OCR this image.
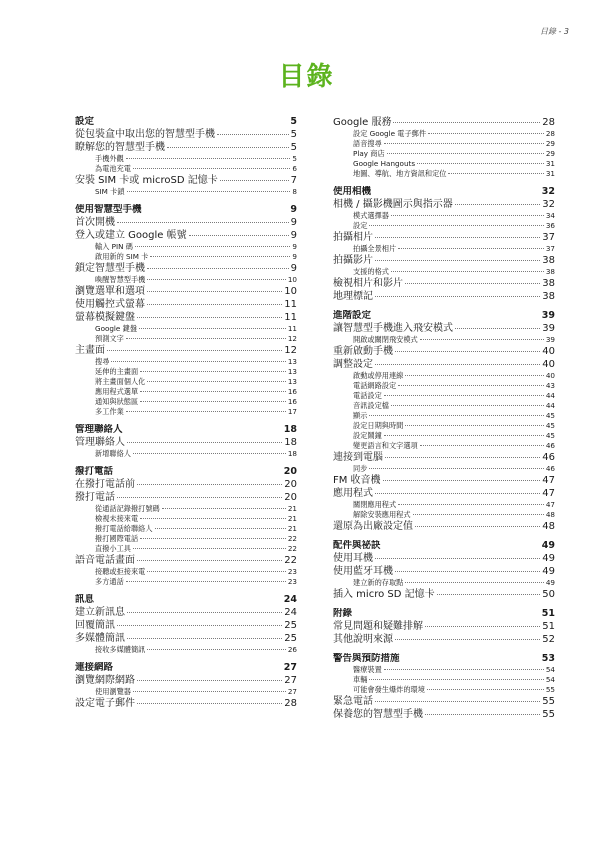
目錄 - 3
目錄
設定	5
從包裝盒中取出您的智慧型手機	5
瞭解您的智慧型手機	5
手機外觀	5
為電池充電	6
安裝 SIM 卡或 microSD 記憶卡	7
SIM 卡鎖	8
使用智慧型手機	9
首次開機	9
登入或建立 Google 帳號	9
輸入 PIN 碼	9
啟用新的 SIM 卡	9
鎖定智慧型手機	9
喚醒智慧型手機	10
瀏覽選單和選項	10
使用觸控式螢幕	11
螢幕模擬鍵盤	11
Google 鍵盤	11
預測文字	12
主畫面	12
搜尋	13
延伸的主畫面	13
將主畫面個人化	13
應用程式選單	16
通知與狀態區	16
多工作業	17
管理聯絡人	18
管理聯絡人	18
新增聯絡人	18
撥打電話	20
在撥打電話前	20
撥打電話	20
從通話記錄撥打號碼	21
檢視未接來電	21
撥打電話給聯絡人	21
撥打國際電話	22
直撥小工具	22
語音電話畫面	22
接聽或拒接來電	23
多方通話	23
訊息	24
建立新訊息	24
回覆簡訊	25
多媒體簡訊	25
接收多媒體簡訊	26
連接網路	27
瀏覽網際網路	27
使用瀏覽器	27
設定電子郵件	28
Google 服務	28
設定 Google 電子郵件	28
語音搜尋	29
Play 商店	29
Google Hangouts	31
地圖、導航、地方資訊和定位	31
使用相機	32
相機 / 攝影機圖示與指示器	32
模式選擇器	34
設定	36
拍攝相片	37
拍攝全景相片	37
拍攝影片	38
支援的格式	38
檢視相片和影片	38
地理標記	38
進階設定	39
讓智慧型手機進入飛安模式	39
開啟或關閉飛安模式	39
重新啟動手機	40
調整設定	40
啟動或停用連線	40
電話網路設定	43
電話設定	44
音訊設定檔	44
顯示	45
設定日期與時間	45
設定鬧鐘	45
變更語言和文字選項	46
連接到電腦	46
同步	46
FM 收音機	47
應用程式	47
關閉應用程式	47
解除安裝應用程式	48
還原為出廠設定值	48
配件與祕訣	49
使用耳機	49
使用藍牙耳機	49
建立新的存取點	49
插入 micro SD 記憶卡	50
附錄	51
常見問題和疑難排解	51
其他說明來源	52
警告與預防措施	53
醫療裝置	54
車輛	54
可能會發生爆炸的環境	55
緊急電話	55
保養您的智慧型手機	55
